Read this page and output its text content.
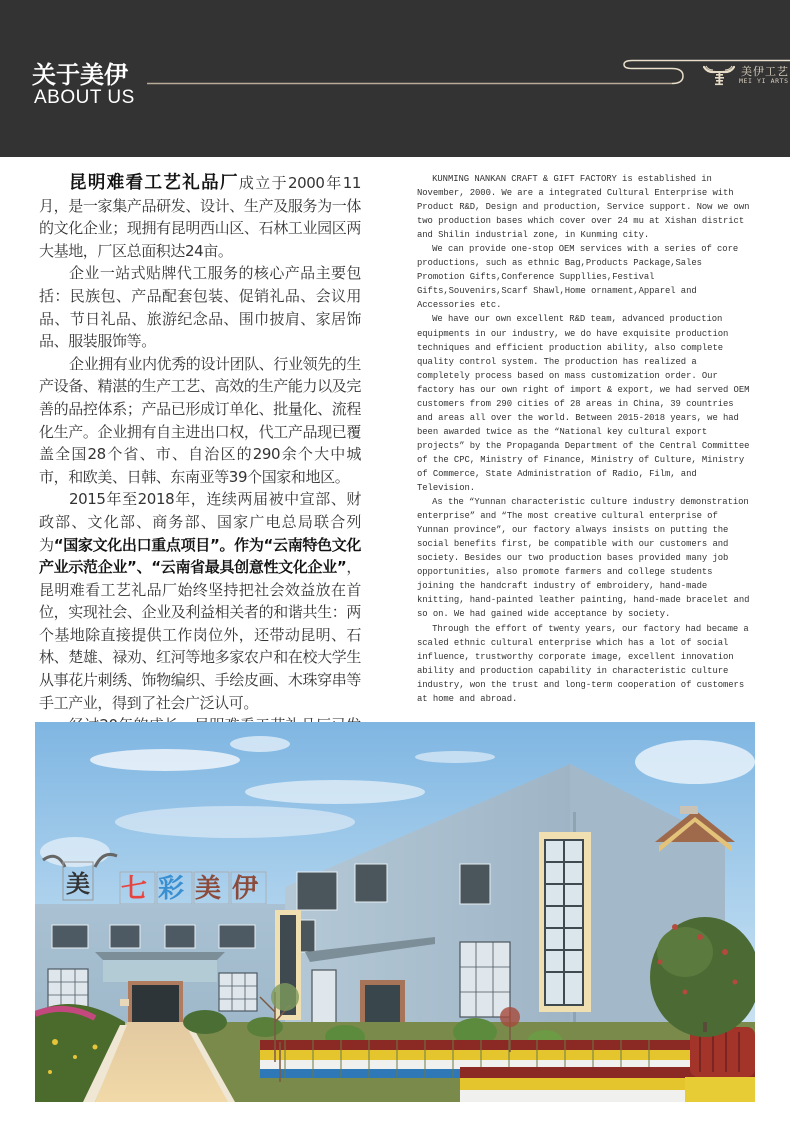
关于美伊
ABOUT US
美伊工艺
MEI YI ARTS

昆明难看工艺礼品厂成立于2000年11月，是一家集产品研发、设计、生产及服务为一体的文化企业；现拥有昆明西山区、石林工业园区两大基地，厂区总面积达24亩。

企业一站式贴牌代工服务的核心产品主要包括：民族包、产品配套包装、促销礼品、会议用品、节日礼品、旅游纪念品、围巾披肩、家居饰品、服装服饰等。

企业拥有业内优秀的设计团队、行业领先的生产设备、精湛的生产工艺、高效的生产能力以及完善的品控体系；产品已形成订单化、批量化、流程化生产。企业拥有自主进出口权，代工产品现已覆盖全国28个省、市、自治区的290余个大中城市，和欧美、日韩、东南亚等39个国家和地区。

2015年至2018年，连续两届被中宣部、财政部、文化部、商务部、国家广电总局联合列为“国家文化出口重点项目”。作为“云南特色文化产业示范企业”、“云南省最具创意性文化企业”，昆明难看工艺礼品厂始终坚持把社会效益放在首位，实现社会、企业及利益相关者的和谐共生：两个基地除直接提供工作岗位外，还带动昆明、石林、楚雄、禄劝、红河等地多家农户和在校大学生从事花片刺绣、饰物编织、手绘皮画、木珠穿串等手工产业，得到了社会广泛认可。

KUNMING NANKAN CRAFT & GIFT FACTORY is established in November, 2000. We are a integrated Cultural Enterprise with Product R&D, Design and production, Service support. Now we own two production bases which cover over 24 mu at Xishan district and Shilin industrial zone, in Kunming city.

We can provide one-stop OEM services with a series of core productions, such as ethnic Bag,Products Package,Sales Promotion Gifts,Conference Suppllies,Festival Gifts,Souvenirs,Scarf Shawl,Home ornament,Apparel and Accessories etc.

We have our own excellent R&D team, advanced production equipments in our industry, we do have exquisite production techniques and efficient production ability, also complete quality control system. The production has realized a completely process based on mass customization order. Our factory has our own right of import & export, we had served OEM customers from 290 cities of 28 areas in China, 39 countries and areas all over the world. Between 2015-2018 years, we had been awarded twice as the “National key cultural export projects” by the Propaganda Department of the Central Committee of the CPC, Ministry of Finance, Ministry of Culture, Ministry of Commerce, State Administration of Radio, Film, and Television.

As the “Yunnan characteristic culture industry demonstration enterprise” and “The most creative cultural enterprise of Yunnan province”, our factory always insists on putting the social benefits first, be compatible with our customers and society. Besides our two production bases provided many job opportunities, also promote farmers and college students joining the handcraft industry of embroidery, hand-made knitting, hand-painted leather painting, hand-made bracelet and so on. We had gained wide acceptance by society.

Through the effort of twenty years, our factory had became a scaled ethnic cultural enterprise which has a lot of social influence, trustworthy corporate image, excellent innovation ability and production capability in characteristic culture industry, won the trust and long-term cooperation of customers at home and abroad.

美 七 彩 美 伊
